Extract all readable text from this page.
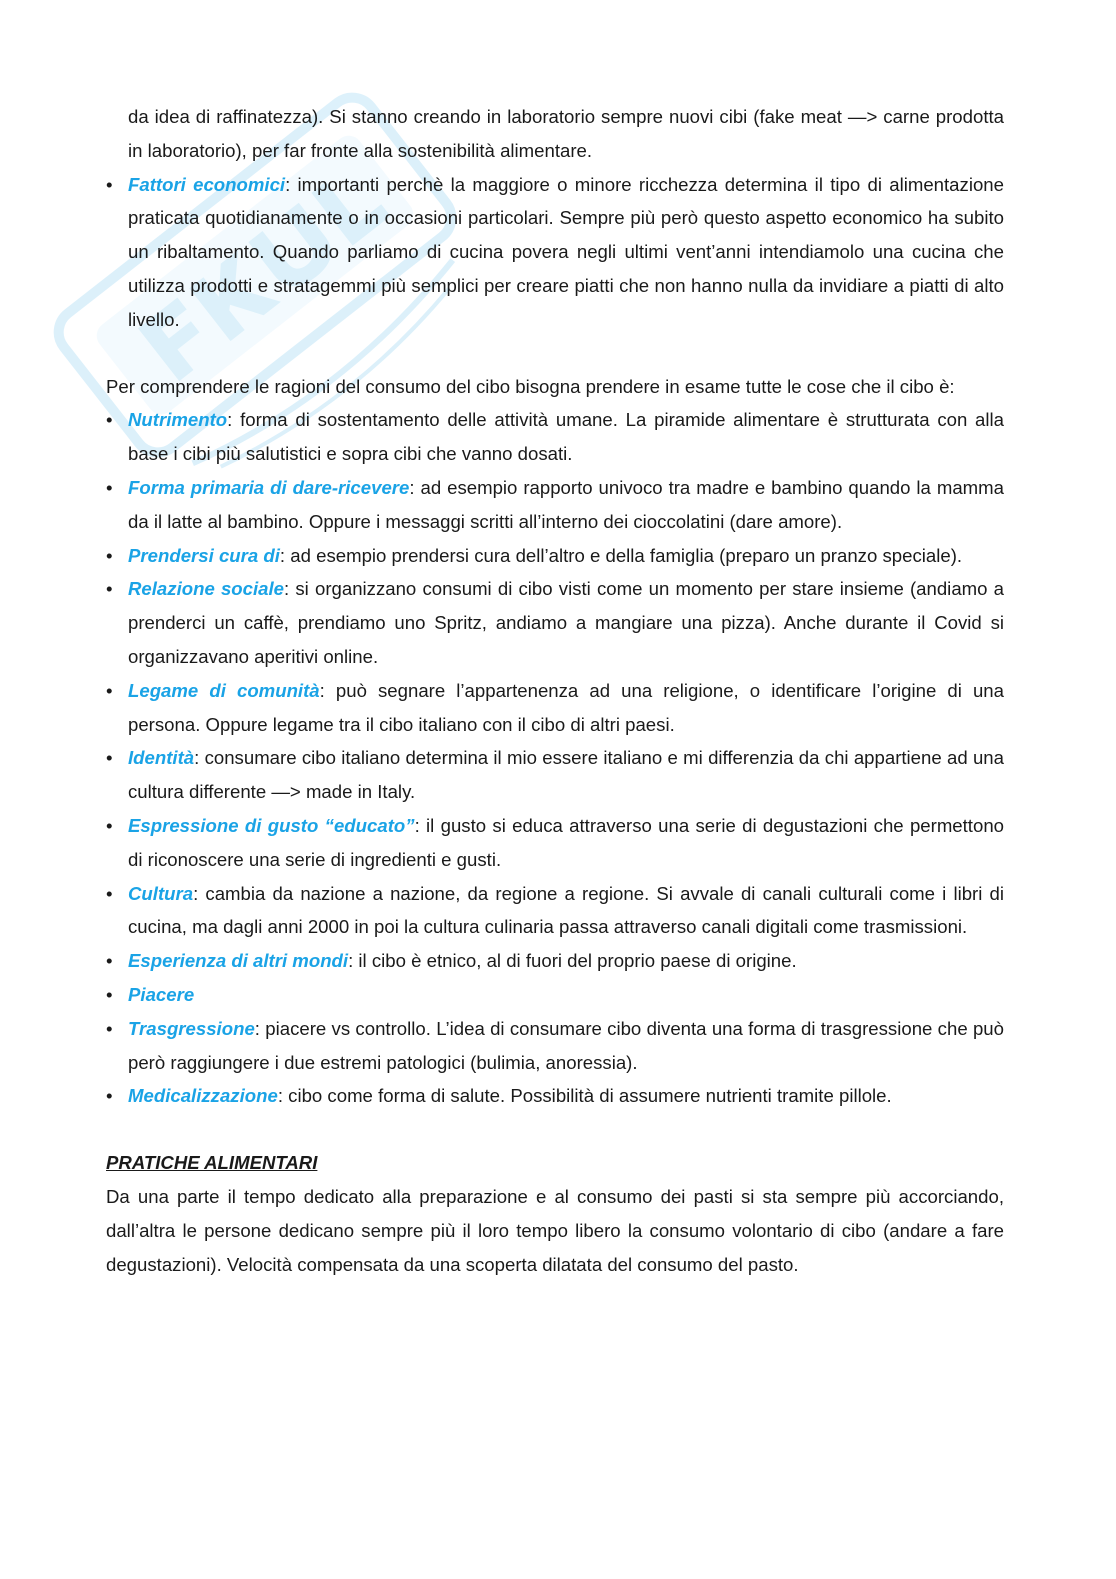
da idea di raffinatezza). Si stanno creando in laboratorio sempre nuovi cibi (fake meat —> carne prodotta in laboratorio), per far fronte alla sostenibilità alimentare.

• Fattori economici: importanti perchè la maggiore o minore ricchezza determina il tipo di alimentazione praticata quotidianamente o in occasioni particolari. Sempre più però questo aspetto economico ha subito un ribaltamento. Quando parliamo di cucina povera negli ultimi vent’anni intendiamolo una cucina che utilizza prodotti e stratagemmi più semplici per creare piatti che non hanno nulla da invidiare a piatti di alto livello.

Per comprendere le ragioni del consumo del cibo bisogna prendere in esame tutte le cose che il cibo è:

• Nutrimento: forma di sostentamento delle attività umane. La piramide alimentare è strutturata con alla base i cibi più salutistici e sopra cibi che vanno dosati.
• Forma primaria di dare-ricevere: ad esempio rapporto univoco tra madre e bambino quando la mamma da il latte al bambino. Oppure i messaggi scritti all’interno dei cioccolatini (dare amore).
• Prendersi cura di: ad esempio prendersi cura dell’altro e della famiglia (preparo un pranzo speciale).
• Relazione sociale: si organizzano consumi di cibo visti come un momento per stare insieme (andiamo a prenderci un caffè, prendiamo uno Spritz, andiamo a mangiare una pizza). Anche durante il Covid si organizzavano aperitivi online.
• Legame di comunità: può segnare l’appartenenza ad una religione, o identificare l’origine di una persona. Oppure legame tra il cibo italiano con il cibo di altri paesi.
• Identità: consumare cibo italiano determina il mio essere italiano e mi differenzia da chi appartiene ad una cultura differente —> made in Italy.
• Espressione di gusto “educato”: il gusto si educa attraverso una serie di degustazioni che permettono di riconoscere una serie di ingredienti e gusti.
• Cultura: cambia da nazione a nazione, da regione a regione. Si avvale di canali culturali come i libri di cucina, ma dagli anni 2000 in poi la cultura culinaria passa attraverso canali digitali come trasmissioni.
• Esperienza di altri mondi: il cibo è etnico, al di fuori del proprio paese di origine.
• Piacere
• Trasgressione: piacere vs controllo. L’idea di consumare cibo diventa una forma di trasgressione che può però raggiungere i due estremi patologici (bulimia, anoressia).
• Medicalizzazione: cibo come forma di salute. Possibilità di assumere nutrienti tramite pillole.

PRATICHE ALIMENTARI

Da una parte il tempo dedicato alla preparazione e al consumo dei pasti si sta sempre più accorciando, dall’altra le persone dedicano sempre più il loro tempo libero la consumo volontario di cibo (andare a fare degustazioni). Velocità compensata da una scoperta dilatata del consumo del pasto.
